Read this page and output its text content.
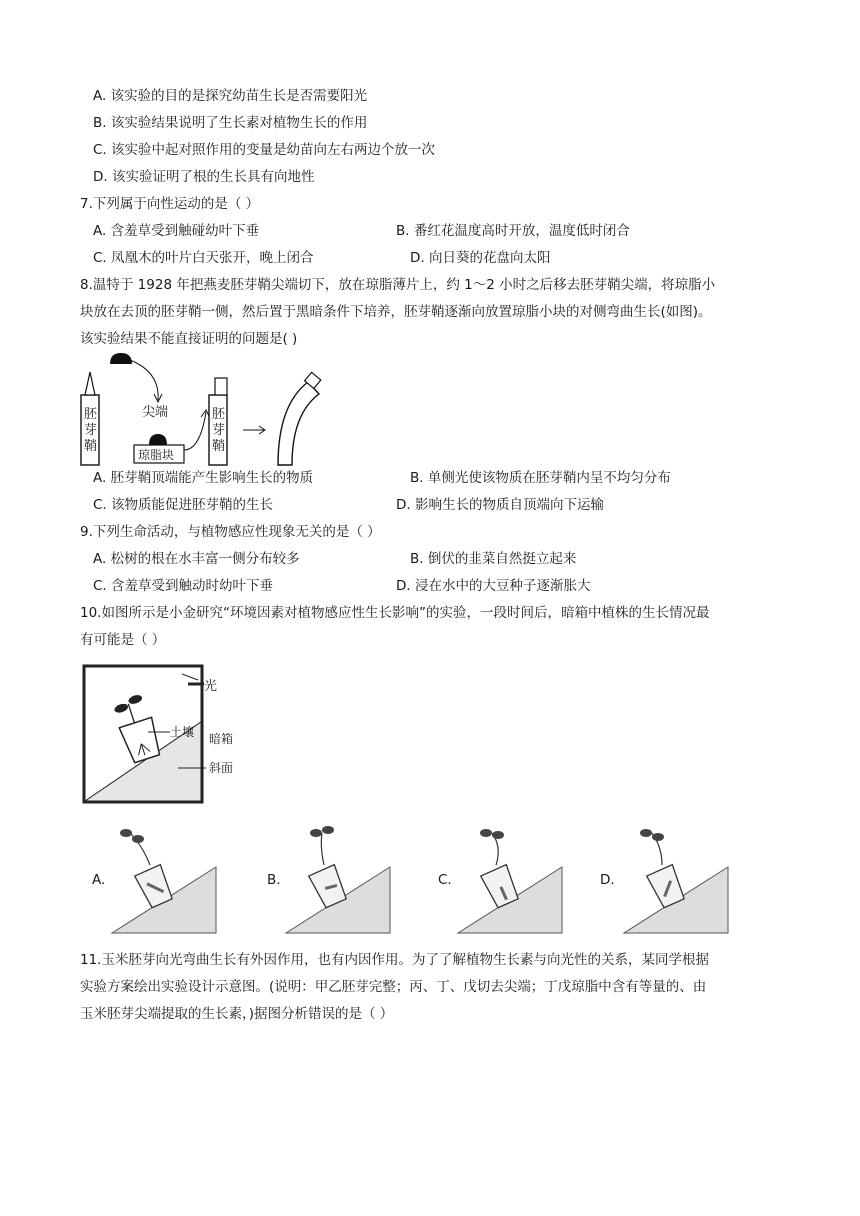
A. 该实验的目的是探究幼苗生长是否需要阳光
B. 该实验结果说明了生长素对植物生长的作用
C. 该实验中起对照作用的变量是幼苗向左右两边个放一次
D. 该实验证明了根的生长具有向地性
7.下列属于向性运动的是（ ）
A. 含羞草受到触碰幼叶下垂	B. 番红花温度高时开放，温度低时闭合
C. 凤凰木的叶片白天张开，晚上闭合	D. 向日葵的花盘向太阳
8.温特于 1928 年把燕麦胚芽鞘尖端切下，放在琼脂薄片上，约 1～2 小时之后移去胚芽鞘尖端，将琼脂小
块放在去顶的胚芽鞘一侧，然后置于黑暗条件下培养，胚芽鞘逐渐向放置琼脂小块的对侧弯曲生长(如图)。
该实验结果不能直接证明的问题是( )
胚芽鞘
胚芽鞘
尖端
琼脂块
A. 胚芽鞘顶端能产生影响生长的物质	B. 单侧光使该物质在胚芽鞘内呈不均匀分布
C. 该物质能促进胚芽鞘的生长	D. 影响生长的物质自顶端向下运输
9.下列生命活动，与植物感应性现象无关的是（ ）
A. 松树的根在水丰富一侧分布较多	B. 倒伏的韭菜自然挺立起来
C. 含羞草受到触动时幼叶下垂	D. 浸在水中的大豆种子逐渐胀大
10.如图所示是小金研究“环境因素对植物感应性生长影响”的实验，一段时间后，暗箱中植株的生长情况最
有可能是（ ）
光
土壤 暗箱
斜面
A.	B.	C.	D.
11.玉米胚芽向光弯曲生长有外因作用，也有内因作用。为了了解植物生长素与向光性的关系，某同学根据
实验方案绘出实验设计示意图。(说明：甲乙胚芽完整；丙、丁、戊切去尖端；丁戊琼脂中含有等量的、由
玉米胚芽尖端提取的生长素，)据图分析错误的是（ ）
